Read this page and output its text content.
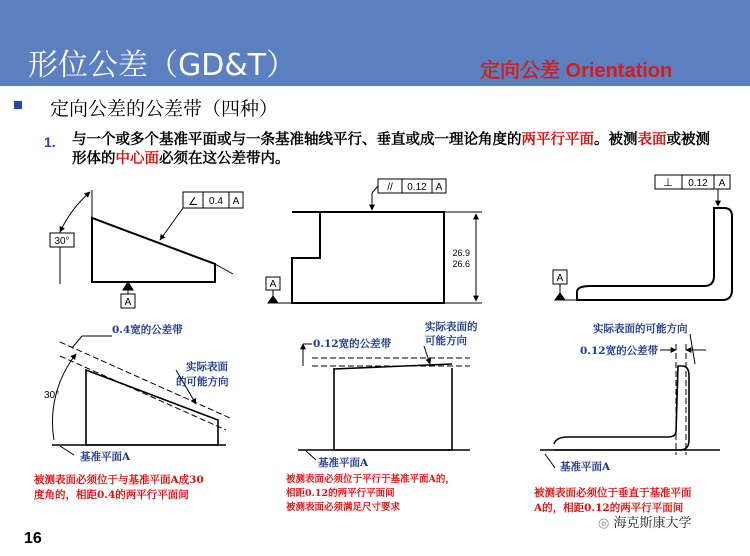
形位公差（GD&T）	定向公差 Orientation
定向公差的公差带（四种）
1. 与一个或多个基准平面或与一条基准轴线平行、垂直或成一理论角度的两平行平面。被测表面或被测形体的中心面必须在这公差带内。
∠ 0.4 A
30°
A
0.4宽的公差带
实际表面
的可能方向
30°
基准平面A
// 0.12 A
26.9
26.6
A
0.12宽的公差带
实际表面的
可能方向
基准平面A
⊥ 0.12 A
A
实际表面的可能方向
0.12宽的公差带
基准平面A
被测表面必须位于与基准平面A成30
度角的，相距0.4的两平行平面间
被测表面必须位于平行于基准平面A的，
相距0.12的两平行平面间
被测表面必须满足尺寸要求
被测表面必须位于垂直于基准平面
A的，相距0.12的两平行平面间
16
◎ 海克斯康大学
